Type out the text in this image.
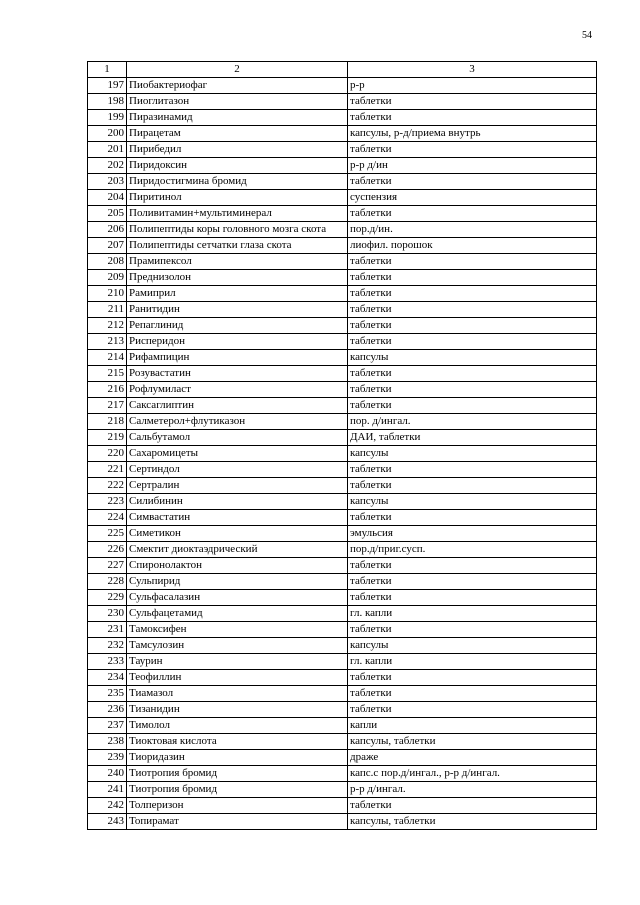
54
1	2	3
197	Пиобактериофаг	р-р
198	Пиоглитазон	таблетки
199	Пиразинамид	таблетки
200	Пирацетам	капсулы, р-д/приема внутрь
201	Пирибедил	таблетки
202	Пиридоксин	р-р д/ин
203	Пиридостигмина бромид	таблетки
204	Пиритинол	суспензия
205	Поливитамин+мультиминерал	таблетки
206	Полипептиды коры головного мозга скота	пор.д/ин.
207	Полипептиды сетчатки глаза скота	лиофил. порошок
208	Прамипексол	таблетки
209	Преднизолон	таблетки
210	Рамиприл	таблетки
211	Ранитидин	таблетки
212	Репаглинид	таблетки
213	Рисперидон	таблетки
214	Рифампицин	капсулы
215	Розувастатин	таблетки
216	Рофлумиласт	таблетки
217	Саксаглиптин	таблетки
218	Салметерол+флутиказон	пор. д/ингал.
219	Сальбутамол	ДАИ, таблетки
220	Сахаромицеты	капсулы
221	Сертиндол	таблетки
222	Сертралин	таблетки
223	Силибинин	капсулы
224	Симвастатин	таблетки
225	Симетикон	эмульсия
226	Смектит диоктаэдрический	пор.д/приг.сусп.
227	Спиронолактон	таблетки
228	Сульпирид	таблетки
229	Сульфасалазин	таблетки
230	Сульфацетамид	гл. капли
231	Тамоксифен	таблетки
232	Тамсулозин	капсулы
233	Таурин	гл. капли
234	Теофиллин	таблетки
235	Тиамазол	таблетки
236	Тизанидин	таблетки
237	Тимолол	капли
238	Тиоктовая кислота	капсулы, таблетки
239	Тиоридазин	драже
240	Тиотропия бромид	капс.с пор.д/ингал., р-р д/ингал.
241	Тиотропия бромид	р-р д/ингал.
242	Толперизон	таблетки
243	Топирамат	капсулы, таблетки
